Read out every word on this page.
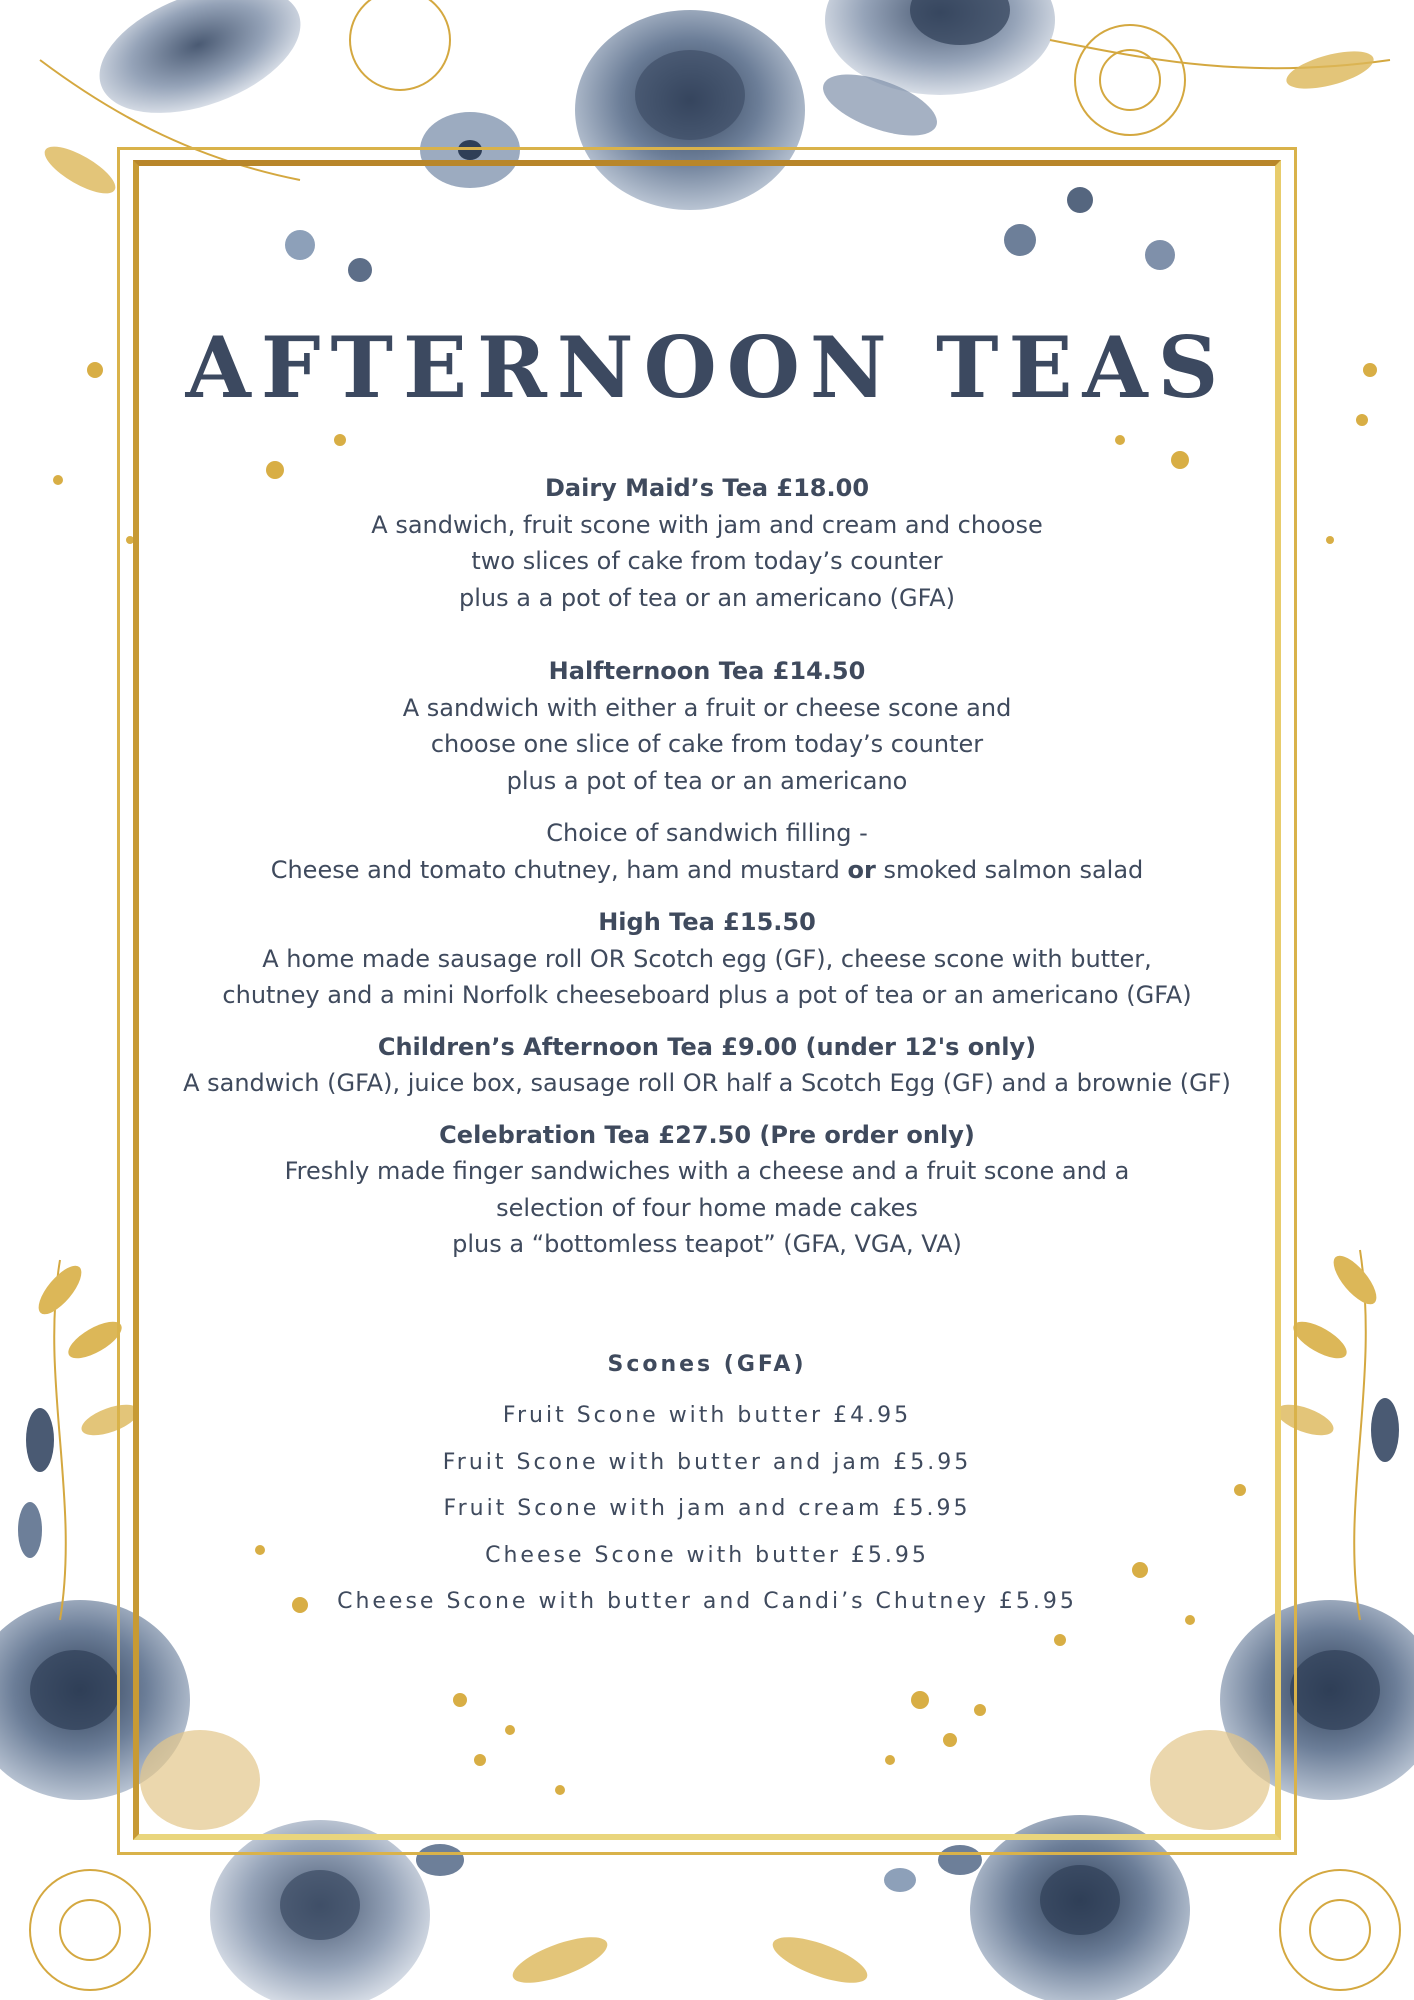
AFTERNOON TEAS
Dairy Maid’s Tea £18.00
A sandwich, fruit scone with jam and cream and choose
two slices of cake from today’s counter
plus a a pot of tea or an americano (GFA)
Halfternoon Tea £14.50
A sandwich with either a fruit or cheese scone and
choose one slice of cake from today’s counter
plus a pot of tea or an americano
Choice of sandwich filling -
Cheese and tomato chutney, ham and mustard or smoked salmon salad
High Tea £15.50
A home made sausage roll OR Scotch egg (GF), cheese scone with butter,
chutney and a mini Norfolk cheeseboard plus a pot of tea or an americano (GFA)
Children’s Afternoon Tea £9.00 (under 12's only)
A sandwich (GFA), juice box, sausage roll OR half a Scotch Egg (GF) and a brownie (GF)
Celebration Tea £27.50 (Pre order only)
Freshly made finger sandwiches with a cheese and a fruit scone and a
selection of four home made cakes
plus a “bottomless teapot” (GFA, VGA, VA)
Scones (GFA)
Fruit Scone with butter £4.95
Fruit Scone with butter and jam £5.95
Fruit Scone with jam and cream £5.95
Cheese Scone with butter £5.95
Cheese Scone with butter and Candi’s Chutney £5.95
